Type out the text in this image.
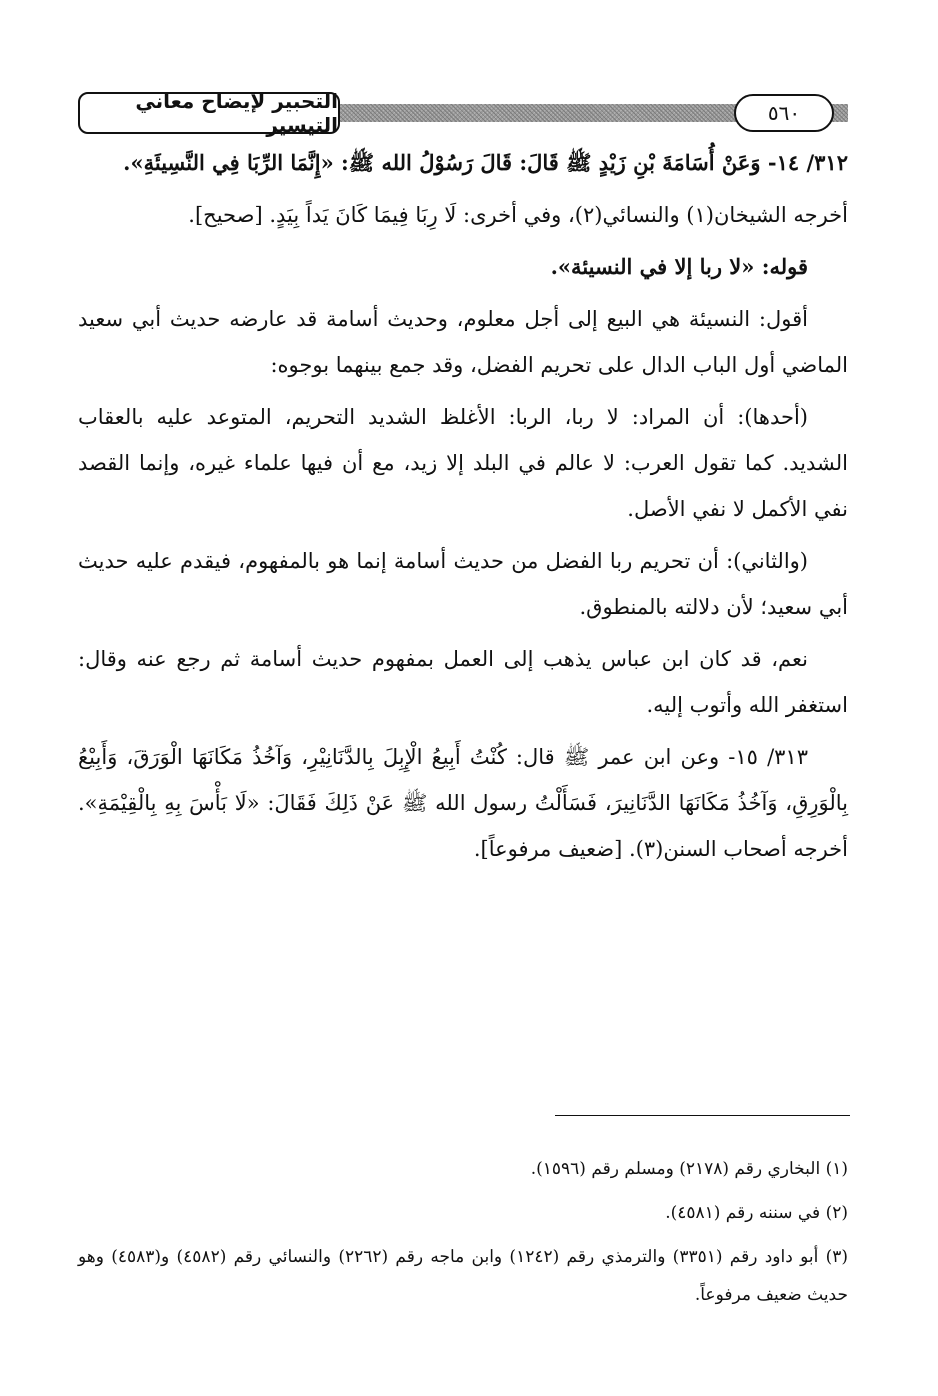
التحبير لإيضاح معاني التيسير	٥٦٠

٣١٢/ ١٤- وَعَنْ أُسَامَةَ بْنِ زَيْدٍ ﷺ قَالَ: قَالَ رَسُوْلُ الله ﷺ: «إِنَّمَا الرِّبَا فِي النَّسِيئَةِ».

أخرجه الشيخان(١) والنسائي(٢)، وفي أخرى: لَا رِبَا فِيمَا كَانَ يَداً بِيَدٍ. [صحيح].

قوله: «لا ربا إلا في النسيئة».

أقول: النسيئة هي البيع إلى أجل معلوم، وحديث أسامة قد عارضه حديث أبي سعيد الماضي أول الباب الدال على تحريم الفضل، وقد جمع بينهما بوجوه:

(أحدها): أن المراد: لا ربا، الربا: الأغلظ الشديد التحريم، المتوعد عليه بالعقاب الشديد. كما تقول العرب: لا عالم في البلد إلا زيد، مع أن فيها علماء غيره، وإنما القصد نفي الأكمل لا نفي الأصل.

(والثاني): أن تحريم ربا الفضل من حديث أسامة إنما هو بالمفهوم، فيقدم عليه حديث أبي سعيد؛ لأن دلالته بالمنطوق.

نعم، قد كان ابن عباس يذهب إلى العمل بمفهوم حديث أسامة ثم رجع عنه وقال: استغفر الله وأتوب إليه.

٣١٣/ ١٥- وعن ابن عمر ﷺ قال: كُنْتُ أَبِيعُ الْإِبِلَ بِالدَّنَانِيْرِ، وَآخُذُ مَكَانَهَا الْوَرَقَ، وَأَبِيْعُ بِالْوَرِقِ، وَآخُذُ مَكَانَهَا الدَّنَانِيرَ، فَسَأَلْتُ رسول الله ﷺ عَنْ ذَلِكَ فَقَالَ: «لَا بَأْسَ بِهِ بِالْقِيْمَةِ». أخرجه أصحاب السنن(٣). [ضعيف مرفوعاً].

(١) البخاري رقم (٢١٧٨) ومسلم رقم (١٥٩٦).

(٢) في سننه رقم (٤٥٨١).

(٣) أبو داود رقم (٣٣٥١) والترمذي رقم (١٢٤٢) وابن ماجه رقم (٢٢٦٢) والنسائي رقم (٤٥٨٢) و(٤٥٨٣) وهو حديث ضعيف مرفوعاً.
